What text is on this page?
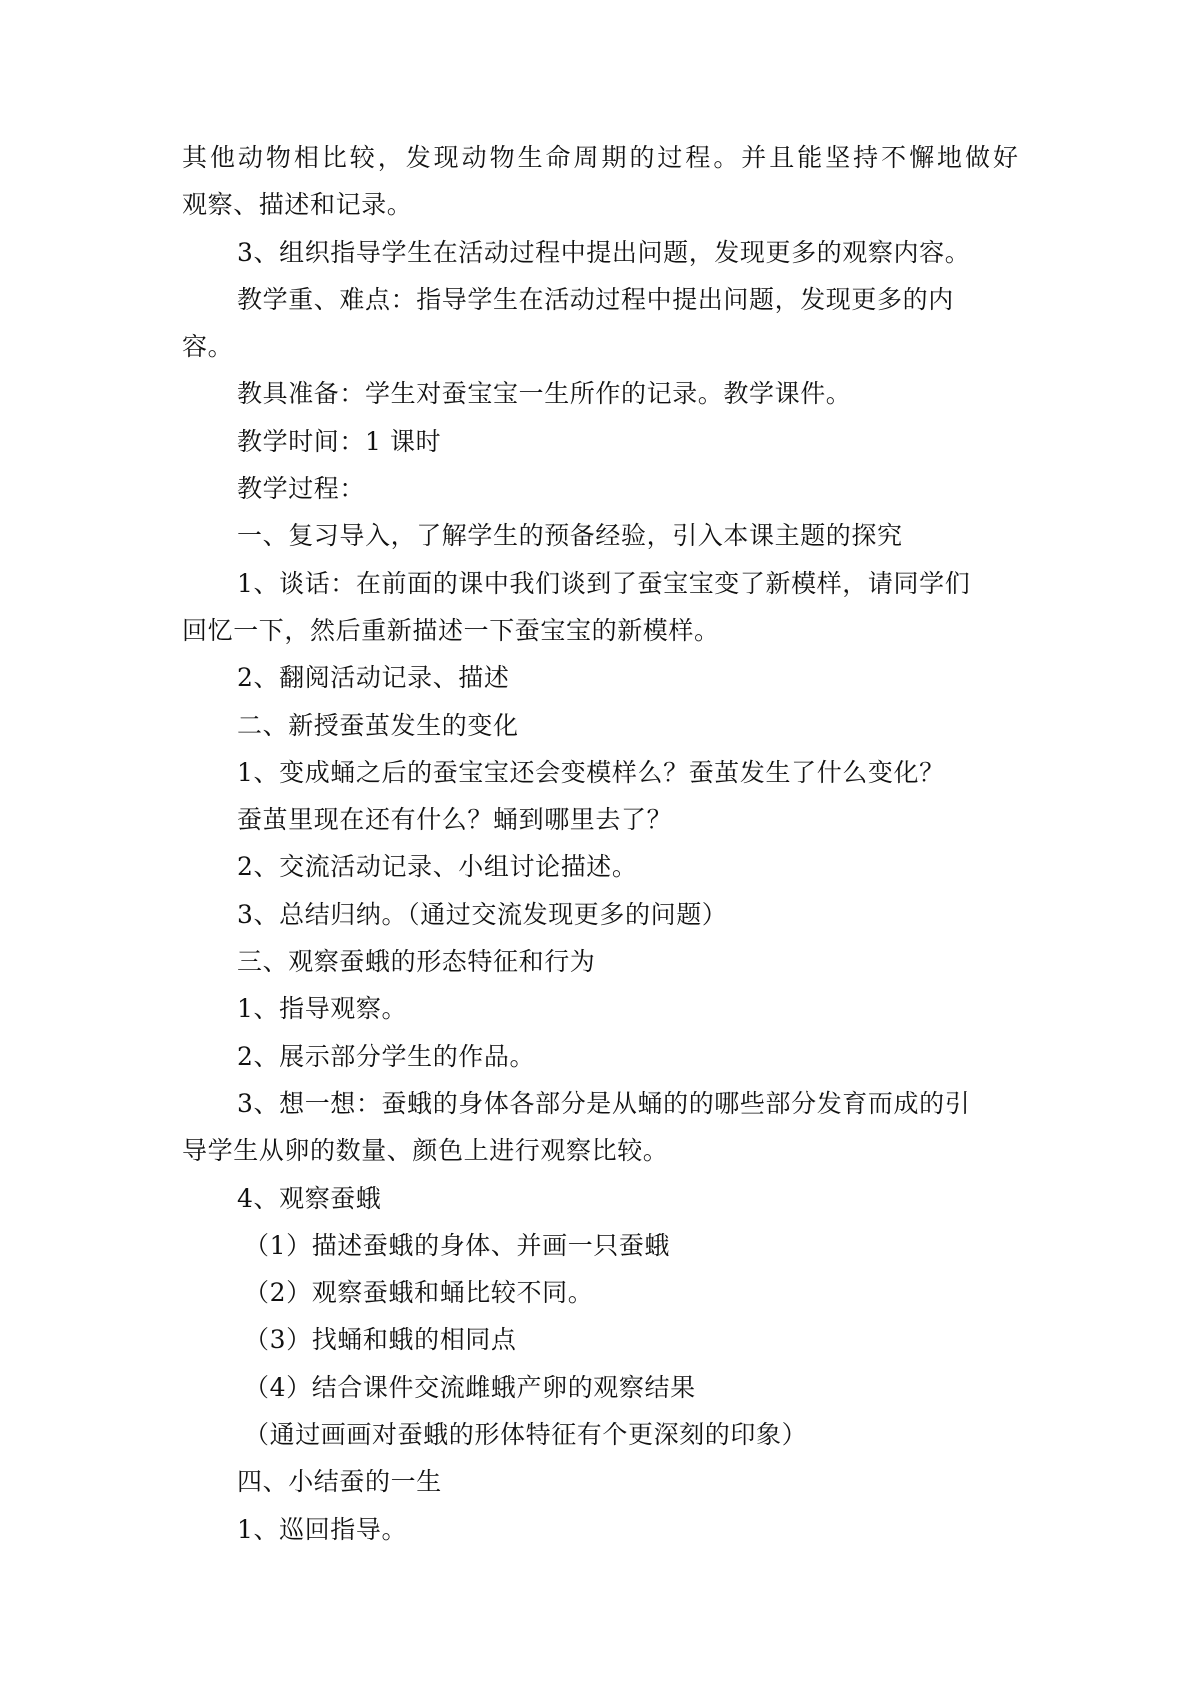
其他动物相比较，发现动物生命周期的过程。并且能坚持不懈地做好
观察、描述和记录。
3、组织指导学生在活动过程中提出问题，发现更多的观察内容。
教学重、难点：指导学生在活动过程中提出问题，发现更多的内
容。
教具准备：学生对蚕宝宝一生所作的记录。教学课件。
教学时间：1 课时
教学过程：
一、复习导入，了解学生的预备经验，引入本课主题的探究
1、谈话：在前面的课中我们谈到了蚕宝宝变了新模样，请同学们
回忆一下，然后重新描述一下蚕宝宝的新模样。
2、翻阅活动记录、描述
二、新授蚕茧发生的变化
1、变成蛹之后的蚕宝宝还会变模样么？蚕茧发生了什么变化？
蚕茧里现在还有什么？蛹到哪里去了？
2、交流活动记录、小组讨论描述。
3、总结归纳。（通过交流发现更多的问题）
三、观察蚕蛾的形态特征和行为
1、指导观察。
2、展示部分学生的作品。
3、想一想：蚕蛾的身体各部分是从蛹的的哪些部分发育而成的引
导学生从卵的数量、颜色上进行观察比较。
4、观察蚕蛾
（1）描述蚕蛾的身体、并画一只蚕蛾
（2）观察蚕蛾和蛹比较不同。
（3）找蛹和蛾的相同点
（4）结合课件交流雌蛾产卵的观察结果
（通过画画对蚕蛾的形体特征有个更深刻的印象）
四、小结蚕的一生
1、巡回指导。
